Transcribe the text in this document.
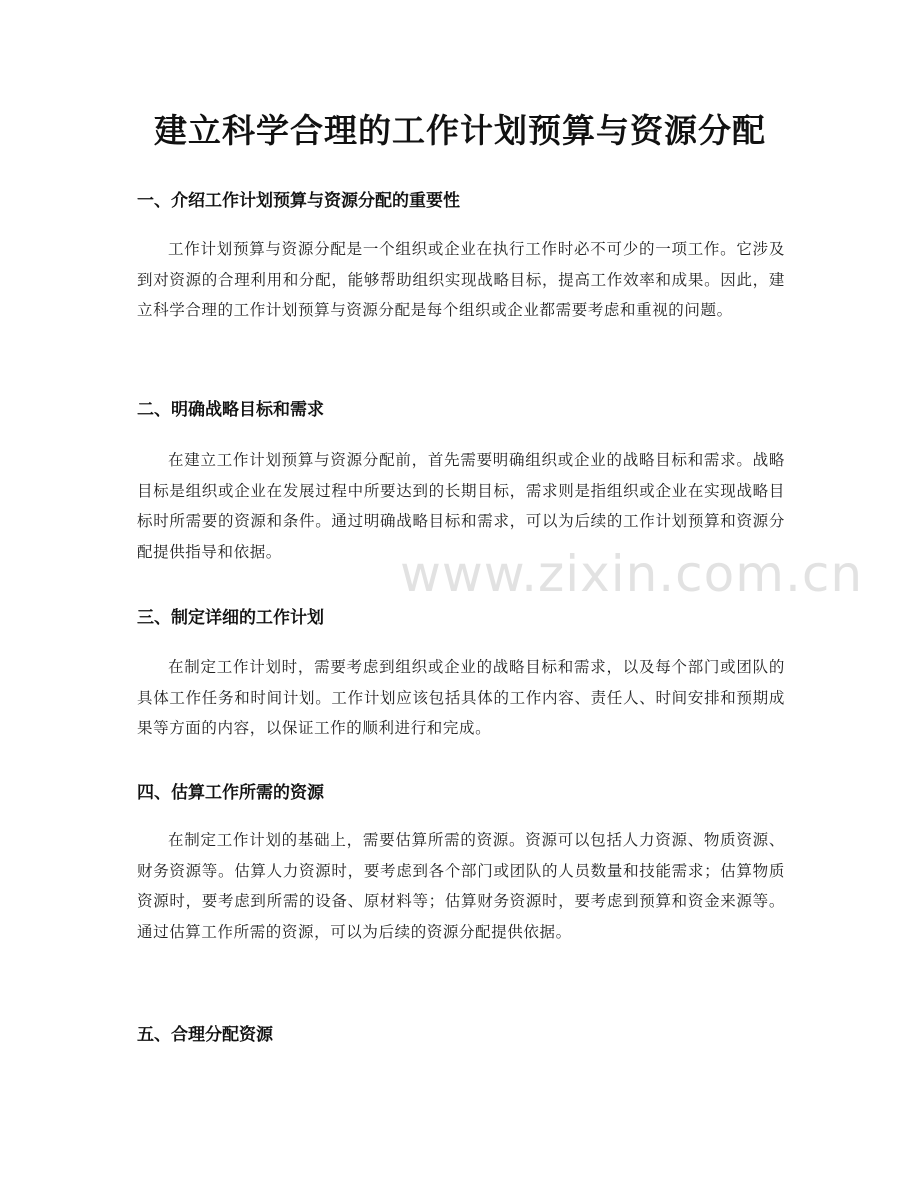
建立科学合理的工作计划预算与资源分配
一、介绍工作计划预算与资源分配的重要性
工作计划预算与资源分配是一个组织或企业在执行工作时必不可少的一项工作。它涉及到对资源的合理利用和分配，能够帮助组织实现战略目标，提高工作效率和成果。因此，建立科学合理的工作计划预算与资源分配是每个组织或企业都需要考虑和重视的问题。
二、明确战略目标和需求
在建立工作计划预算与资源分配前，首先需要明确组织或企业的战略目标和需求。战略目标是组织或企业在发展过程中所要达到的长期目标，需求则是指组织或企业在实现战略目标时所需要的资源和条件。通过明确战略目标和需求，可以为后续的工作计划预算和资源分配提供指导和依据。
三、制定详细的工作计划
在制定工作计划时，需要考虑到组织或企业的战略目标和需求，以及每个部门或团队的具体工作任务和时间计划。工作计划应该包括具体的工作内容、责任人、时间安排和预期成果等方面的内容，以保证工作的顺利进行和完成。
四、估算工作所需的资源
在制定工作计划的基础上，需要估算所需的资源。资源可以包括人力资源、物质资源、财务资源等。估算人力资源时，要考虑到各个部门或团队的人员数量和技能需求；估算物质资源时，要考虑到所需的设备、原材料等；估算财务资源时，要考虑到预算和资金来源等。通过估算工作所需的资源，可以为后续的资源分配提供依据。
五、合理分配资源
www.zixin.com.cn
